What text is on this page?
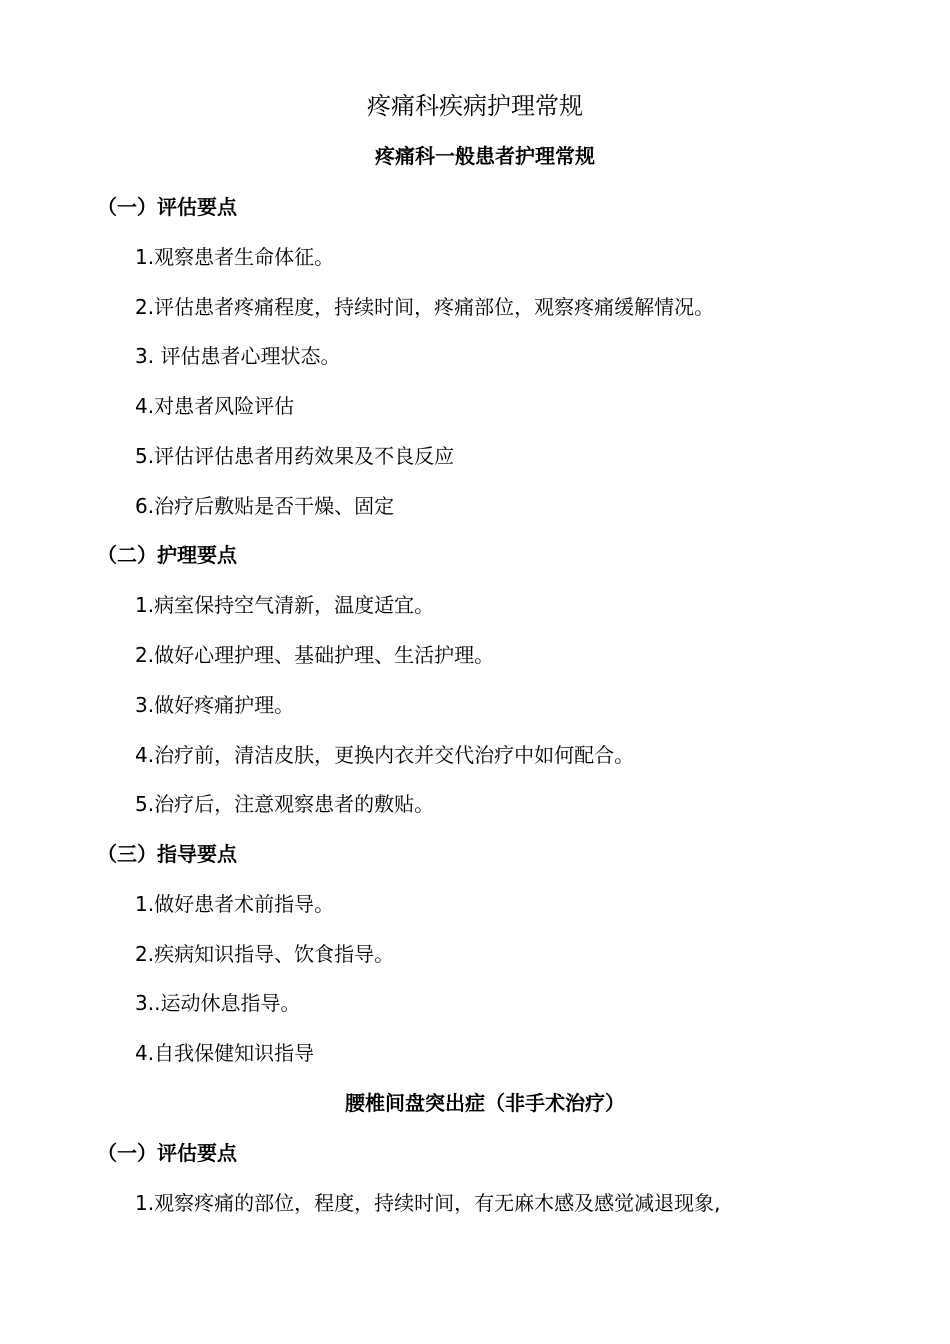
疼痛科疾病护理常规
疼痛科一般患者护理常规
（一）评估要点

1.观察患者生命体征。

2.评估患者疼痛程度，持续时间，疼痛部位，观察疼痛缓解情况。

3. 评估患者心理状态。

4.对患者风险评估

5.评估评估患者用药效果及不良反应

6.治疗后敷贴是否干燥、固定

（二）护理要点

1.病室保持空气清新，温度适宜。

2.做好心理护理、基础护理、生活护理。

3.做好疼痛护理。

4.治疗前，清洁皮肤，更换内衣并交代治疗中如何配合。

5.治疗后，注意观察患者的敷贴。

（三）指导要点

1.做好患者术前指导。

2.疾病知识指导、饮食指导。

3..运动休息指导。

4.自我保健知识指导

腰椎间盘突出症（非手术治疗）
（一）评估要点

1.观察疼痛的部位，程度，持续时间，有无麻木感及感觉减退现象,
